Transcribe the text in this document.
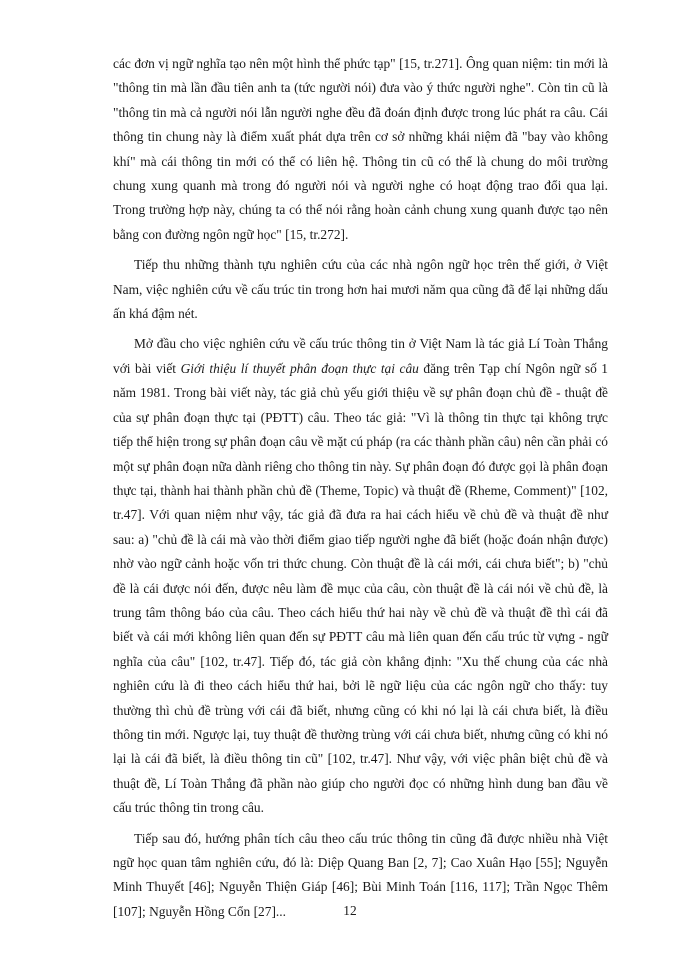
các đơn vị ngữ nghĩa tạo nên một hình thể phức tạp" [15, tr.271]. Ông quan niệm: tin mới là "thông tin mà lần đầu tiên anh ta (tức người nói) đưa vào ý thức người nghe". Còn tin cũ là "thông tin mà cả người nói lẫn người nghe đều đã đoán định được trong lúc phát ra câu. Cái thông tin chung này là điểm xuất phát dựa trên cơ sở những khái niệm đã "bay vào không khí" mà cái thông tin mới có thể có liên hệ. Thông tin cũ có thể là chung do môi trường chung xung quanh mà trong đó người nói và người nghe có hoạt động trao đổi qua lại. Trong trường hợp này, chúng ta có thể nói rằng hoàn cảnh chung xung quanh được tạo nên bằng con đường ngôn ngữ học" [15, tr.272].

Tiếp thu những thành tựu nghiên cứu của các nhà ngôn ngữ học trên thế giới, ở Việt Nam, việc nghiên cứu về cấu trúc tin trong hơn hai mươi năm qua cũng đã để lại những dấu ấn khá đậm nét.

Mở đầu cho việc nghiên cứu về cấu trúc thông tin ở Việt Nam là tác giả Lí Toàn Thắng với bài viết Giới thiệu lí thuyết phân đoạn thực tại câu đăng trên Tạp chí Ngôn ngữ số 1 năm 1981. Trong bài viết này, tác giả chủ yếu giới thiệu về sự phân đoạn chủ đề - thuật đề của sự phân đoạn thực tại (PĐTT) câu. Theo tác giả: "Vì là thông tin thực tại không trực tiếp thể hiện trong sự phân đoạn câu về mặt cú pháp (ra các thành phần câu) nên cần phải có một sự phân đoạn nữa dành riêng cho thông tin này. Sự phân đoạn đó được gọi là phân đoạn thực tại, thành hai thành phần chủ đề (Theme, Topic) và thuật đề (Rheme, Comment)" [102, tr.47]. Với quan niệm như vậy, tác giả đã đưa ra hai cách hiểu về chủ đề và thuật đề như sau: a) "chủ đề là cái mà vào thời điểm giao tiếp người nghe đã biết (hoặc đoán nhận được) nhờ vào ngữ cảnh hoặc vốn tri thức chung. Còn thuật đề là cái mới, cái chưa biết"; b) "chủ đề là cái được nói đến, được nêu làm đề mục của câu, còn thuật đề là cái nói về chủ đề, là trung tâm thông báo của câu. Theo cách hiểu thứ hai này về chủ đề và thuật đề thì cái đã biết và cái mới không liên quan đến sự PĐTT câu mà liên quan đến cấu trúc từ vựng - ngữ nghĩa của câu" [102, tr.47]. Tiếp đó, tác giả còn khẳng định: "Xu thế chung của các nhà nghiên cứu là đi theo cách hiểu thứ hai, bởi lẽ ngữ liệu của các ngôn ngữ cho thấy: tuy thường thì chủ đề trùng với cái đã biết, nhưng cũng có khi nó lại là cái chưa biết, là điều thông tin mới. Ngược lại, tuy thuật đề thường trùng với cái chưa biết, nhưng cũng có khi nó lại là cái đã biết, là điều thông tin cũ" [102, tr.47]. Như vậy, với việc phân biệt chủ đề và thuật đề, Lí Toàn Thắng đã phần nào giúp cho người đọc có những hình dung ban đầu về cấu trúc thông tin trong câu.

Tiếp sau đó, hướng phân tích câu theo cấu trúc thông tin cũng đã được nhiều nhà Việt ngữ học quan tâm nghiên cứu, đó là: Diệp Quang Ban [2, 7]; Cao Xuân Hạo [55]; Nguyễn Minh Thuyết [46]; Nguyễn Thiện Giáp [46]; Bùi Minh Toán [116, 117]; Trần Ngọc Thêm [107]; Nguyễn Hồng Cổn [27]...	12
